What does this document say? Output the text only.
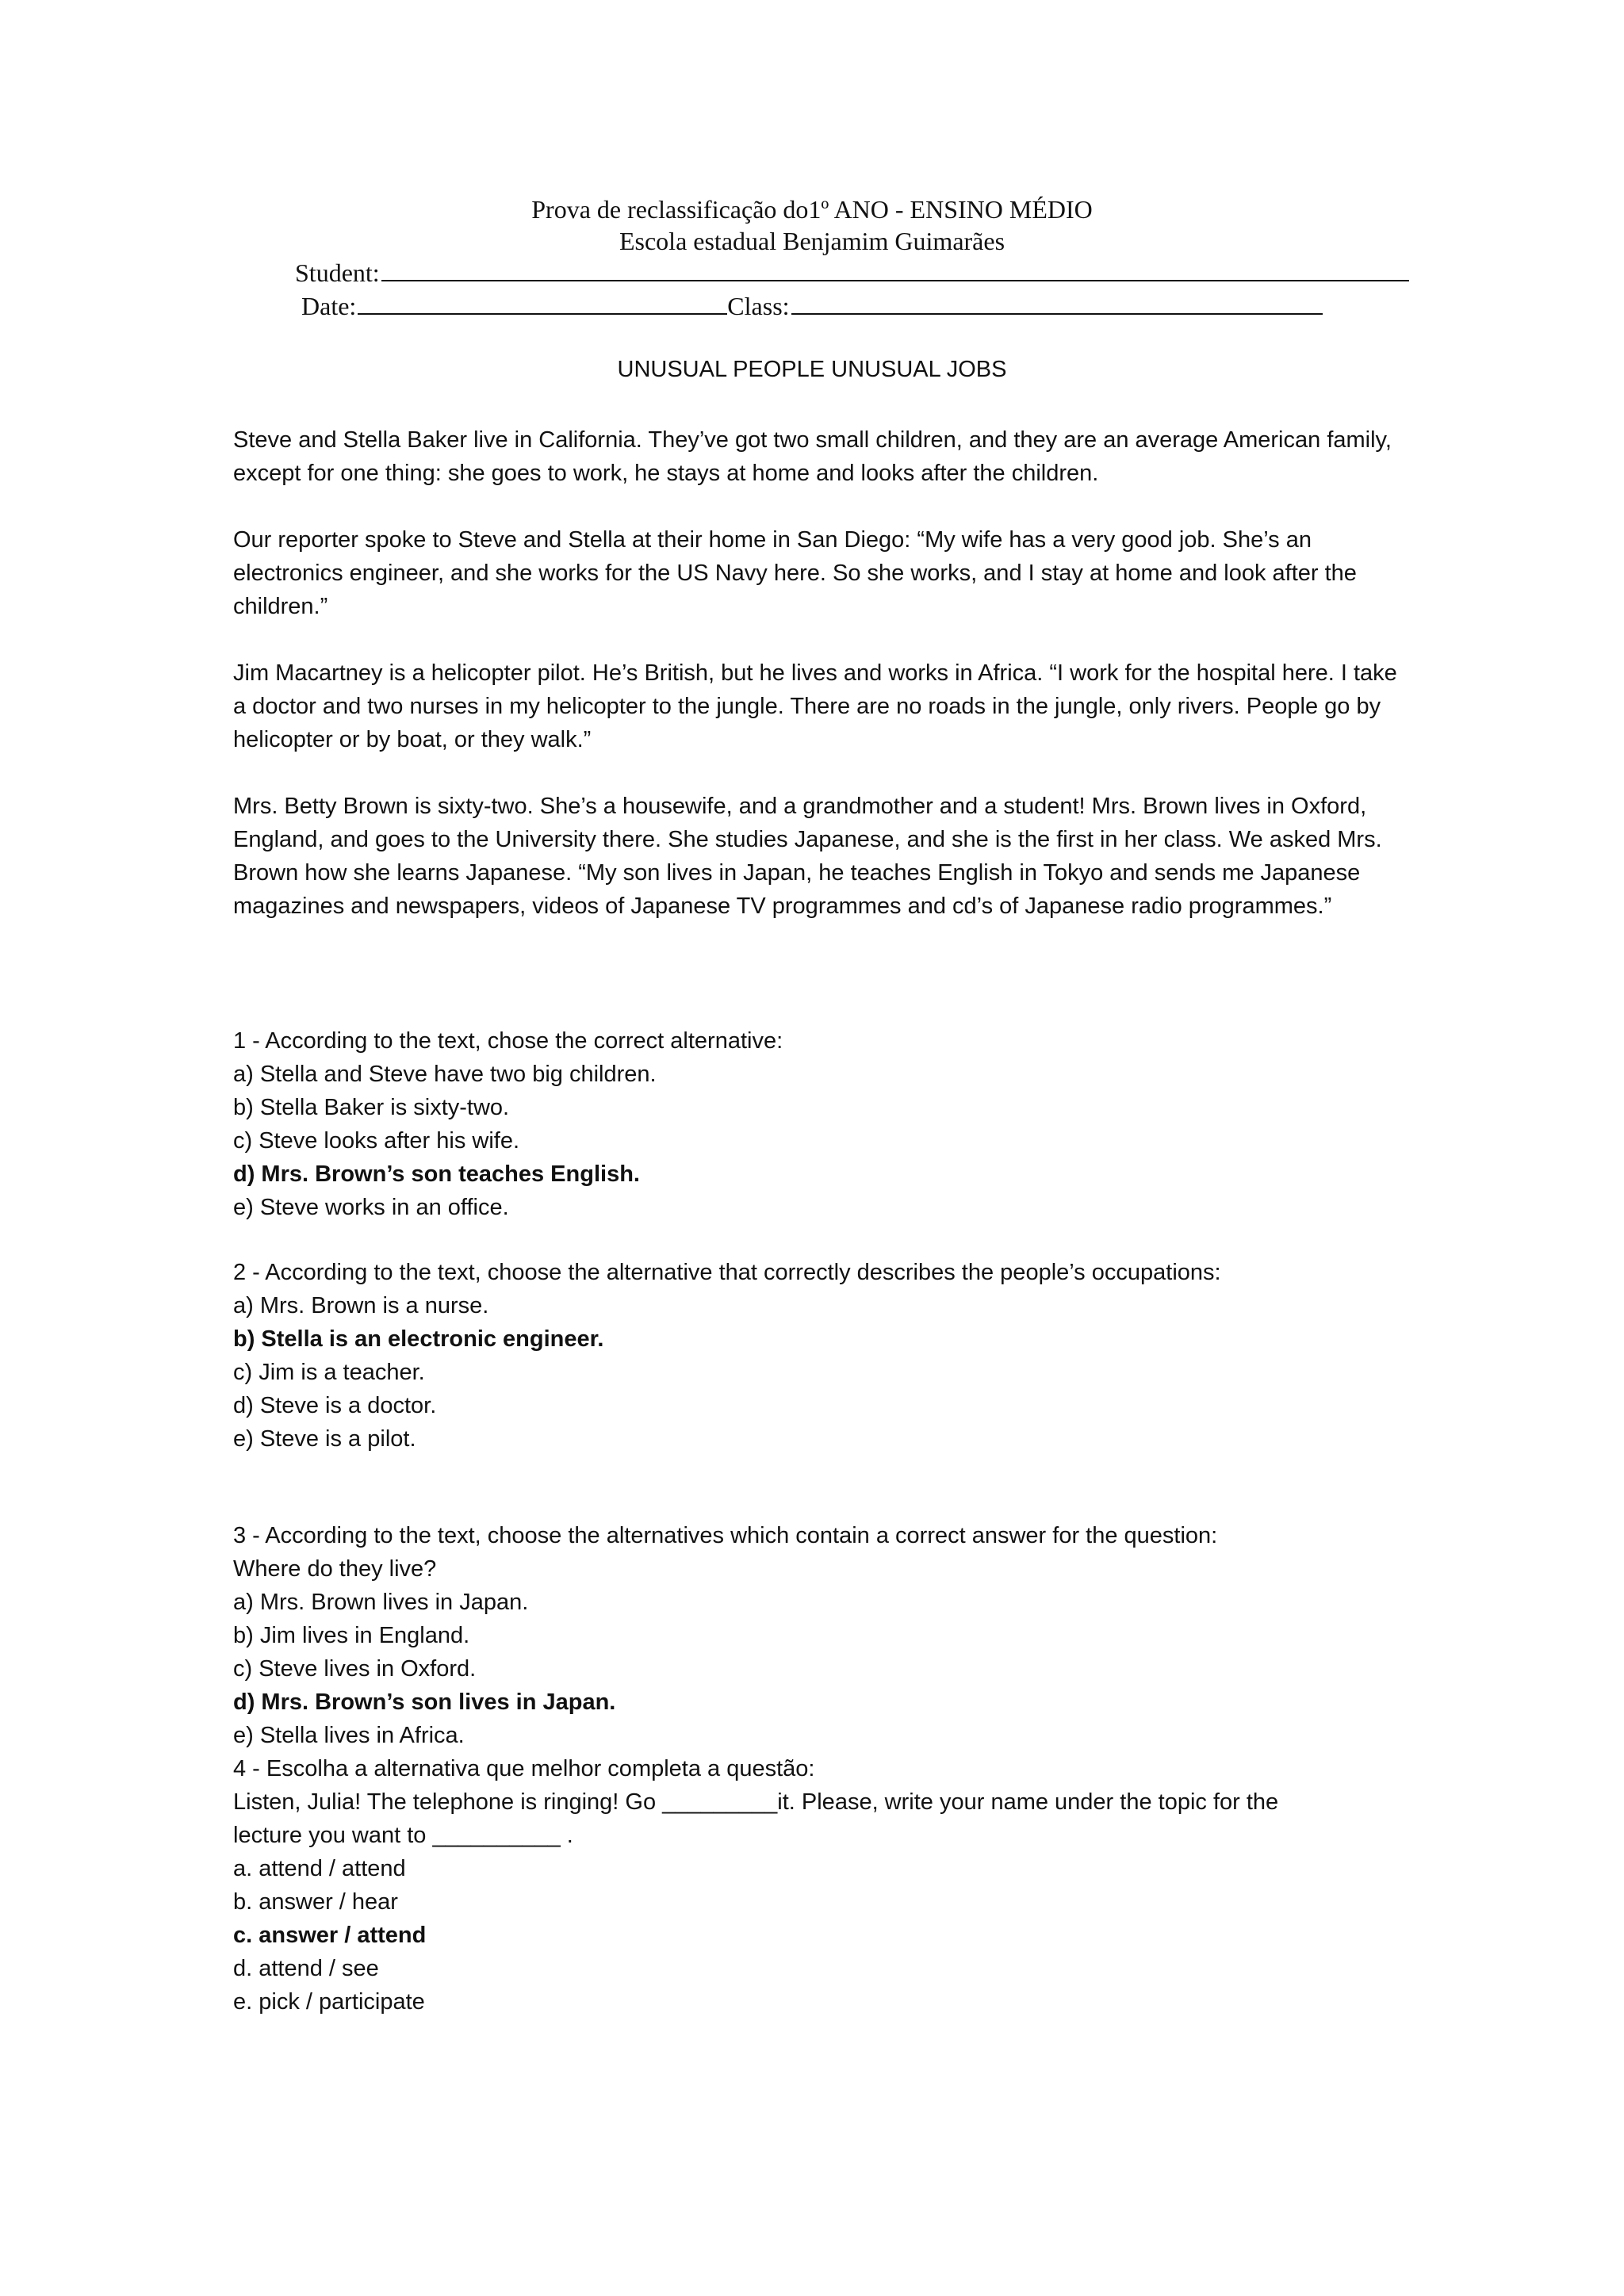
Prova de reclassificação do1º ANO - ENSINO MÉDIO
Escola estadual Benjamim Guimarães
Student:
Date:	Class:
UNUSUAL PEOPLE UNUSUAL JOBS

Steve and Stella Baker live in California. They’ve got two small children, and they are an average American family, except for one thing: she goes to work, he stays at home and looks after the children.

Our reporter spoke to Steve and Stella at their home in San Diego: “My wife has a very good job. She’s an electronics engineer, and she works for the US Navy here. So she works, and I stay at home and look after the children.”

Jim Macartney is a helicopter pilot. He’s British, but he lives and works in Africa. “I work for the hospital here. I take a doctor and two nurses in my helicopter to the jungle. There are no roads in the jungle, only rivers. People go by helicopter or by boat, or they walk.”

Mrs. Betty Brown is sixty-two. She’s a housewife, and a grandmother and a student! Mrs. Brown lives in Oxford, England, and goes to the University there. She studies Japanese, and she is the first in her class. We asked Mrs. Brown how she learns Japanese. “My son lives in Japan, he teaches English in Tokyo and sends me Japanese magazines and newspapers, videos of Japanese TV programmes and cd’s of Japanese radio programmes.”

1 - According to the text, chose the correct alternative:
a) Stella and Steve have two big children.
b) Stella Baker is sixty-two.
c) Steve looks after his wife.
d) Mrs. Brown’s son teaches English.
e) Steve works in an office.
2 - According to the text, choose the alternative that correctly describes the people’s occupations:
a) Mrs. Brown is a nurse.
b) Stella is an electronic engineer.
c) Jim is a teacher.
d) Steve is a doctor.
e) Steve is a pilot.
3 - According to the text, choose the alternatives which contain a correct answer for the question:
Where do they live?
a) Mrs. Brown lives in Japan.
b) Jim lives in England.
c) Steve lives in Oxford.
d) Mrs. Brown’s son lives in Japan.
e) Stella lives in Africa.
4 - Escolha a alternativa que melhor completa a questão:
Listen, Julia! The telephone is ringing! Go _________it. Please, write your name under the topic for the
lecture you want to __________ .
a. attend / attend
b. answer / hear
c. answer / attend
d. attend / see
e. pick / participate
